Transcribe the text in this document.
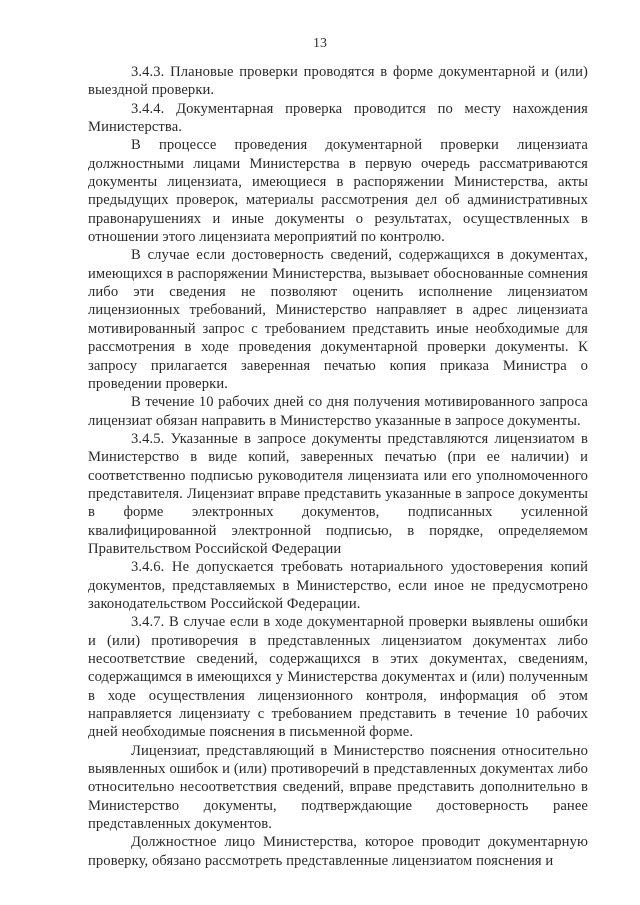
13

3.4.3. Плановые проверки проводятся в форме документарной и (или) выездной проверки.

3.4.4. Документарная проверка проводится по месту нахождения Министерства.

В процессе проведения документарной проверки лицензиата должностными лицами Министерства в первую очередь рассматриваются документы лицензиата, имеющиеся в распоряжении Министерства, акты предыдущих проверок, материалы рассмотрения дел об административных правонарушениях и иные документы о результатах, осуществленных в отношении этого лицензиата мероприятий по контролю.

В случае если достоверность сведений, содержащихся в документах, имеющихся в распоряжении Министерства, вызывает обоснованные сомнения либо эти сведения не позволяют оценить исполнение лицензиатом лицензионных требований, Министерство направляет в адрес лицензиата мотивированный запрос с требованием представить иные необходимые для рассмотрения в ходе проведения документарной проверки документы. К запросу прилагается заверенная печатью копия приказа Министра о проведении проверки.

В течение 10 рабочих дней со дня получения мотивированного запроса лицензиат обязан направить в Министерство указанные в запросе документы.

3.4.5. Указанные в запросе документы представляются лицензиатом в Министерство в виде копий, заверенных печатью (при ее наличии) и соответственно подписью руководителя лицензиата или его уполномоченного представителя. Лицензиат вправе представить указанные в запросе документы в форме электронных документов, подписанных усиленной квалифицированной электронной подписью, в порядке, определяемом Правительством Российской Федерации

3.4.6. Не допускается требовать нотариального удостоверения копий документов, представляемых в Министерство, если иное не предусмотрено законодательством Российской Федерации.

3.4.7. В случае если в ходе документарной проверки выявлены ошибки и (или) противоречия в представленных лицензиатом документах либо несоответствие сведений, содержащихся в этих документах, сведениям, содержащимся в имеющихся у Министерства документах и (или) полученным в ходе осуществления лицензионного контроля, информация об этом направляется лицензиату с требованием представить в течение 10 рабочих дней необходимые пояснения в письменной форме.

Лицензиат, представляющий в Министерство пояснения относительно выявленных ошибок и (или) противоречий в представленных документах либо относительно несоответствия сведений, вправе представить дополнительно в Министерство документы, подтверждающие достоверность ранее представленных документов.

Должностное лицо Министерства, которое проводит документарную проверку, обязано рассмотреть представленные лицензиатом пояснения и
